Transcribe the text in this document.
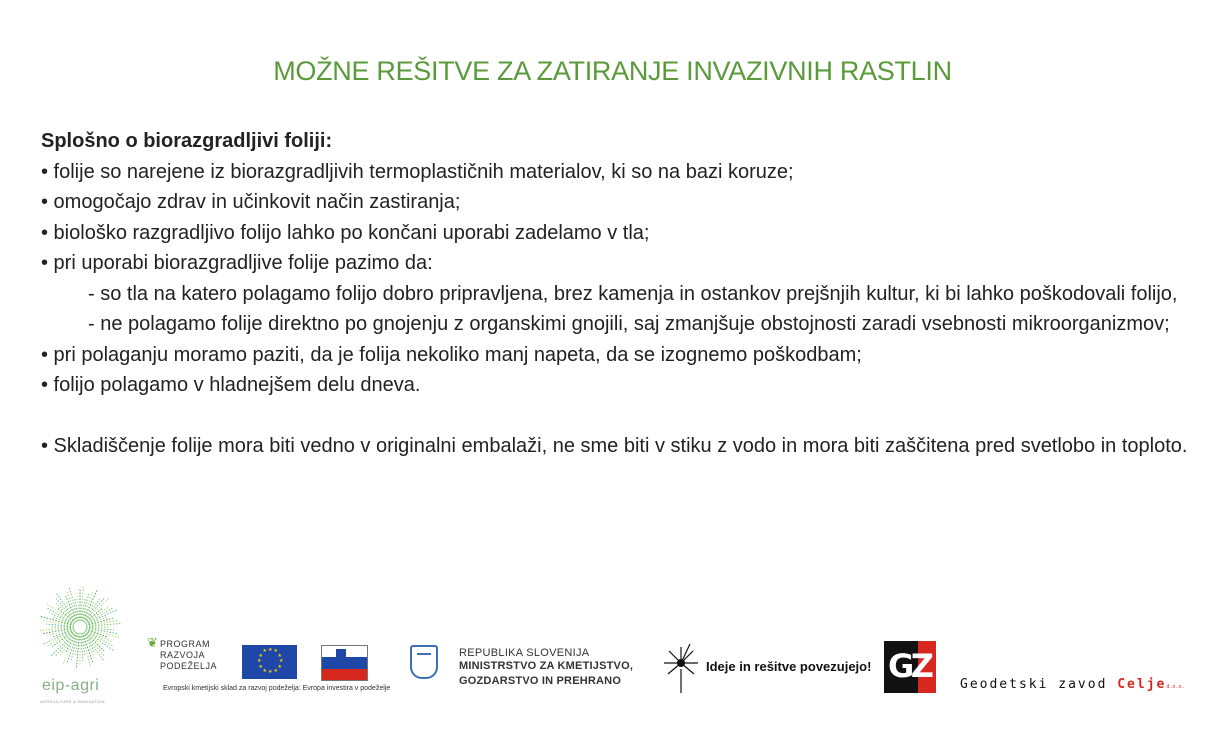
MOŽNE REŠITVE ZA ZATIRANJE INVAZIVNIH RASTLIN

Splošno o biorazgradljivi foliji:

• folije so narejene iz biorazgradljivih termoplastičnih materialov, ki so na bazi koruze;

• omogočajo zdrav in učinkovit način zastiranja;

• biološko razgradljivo folijo lahko po končani uporabi zadelamo v tla;

• pri uporabi biorazgradljive folije pazimo da:

- so tla na katero polagamo folijo dobro pripravljena, brez kamenja in ostankov prejšnjih kultur, ki bi lahko poškodovali folijo,

- ne polagamo folije direktno po gnojenju z organskimi gnojili, saj zmanjšuje obstojnosti zaradi vsebnosti mikroorganizmov;

• pri polaganju moramo paziti, da je folija nekoliko manj napeta, da se izognemo poškodbam;

• folijo polagamo v hladnejšem delu dneva.

• Skladiščenje folije mora biti vedno v originalni embalaži, ne sme biti v stiku z vodo in mora biti zaščitena pred svetlobo in toploto.

eip-agri
AGRICULTURE & INNOVATION
❦ PROGRAM
RAZVOJA
PODEŽELJA	★
★
★
★
★
★
★
★
★ ★ ★
★
Evropski kmetijski sklad za razvoj podeželja: Evropa investira v podeželje
REPUBLIKA SLOVENIJA
MINISTRSTVO ZA KMETIJSTVO,
GOZDARSTVO IN PREHRANO
Ideje in rešitve povezujejo! G
Z Geodetski zavod Celjed.o.o.
